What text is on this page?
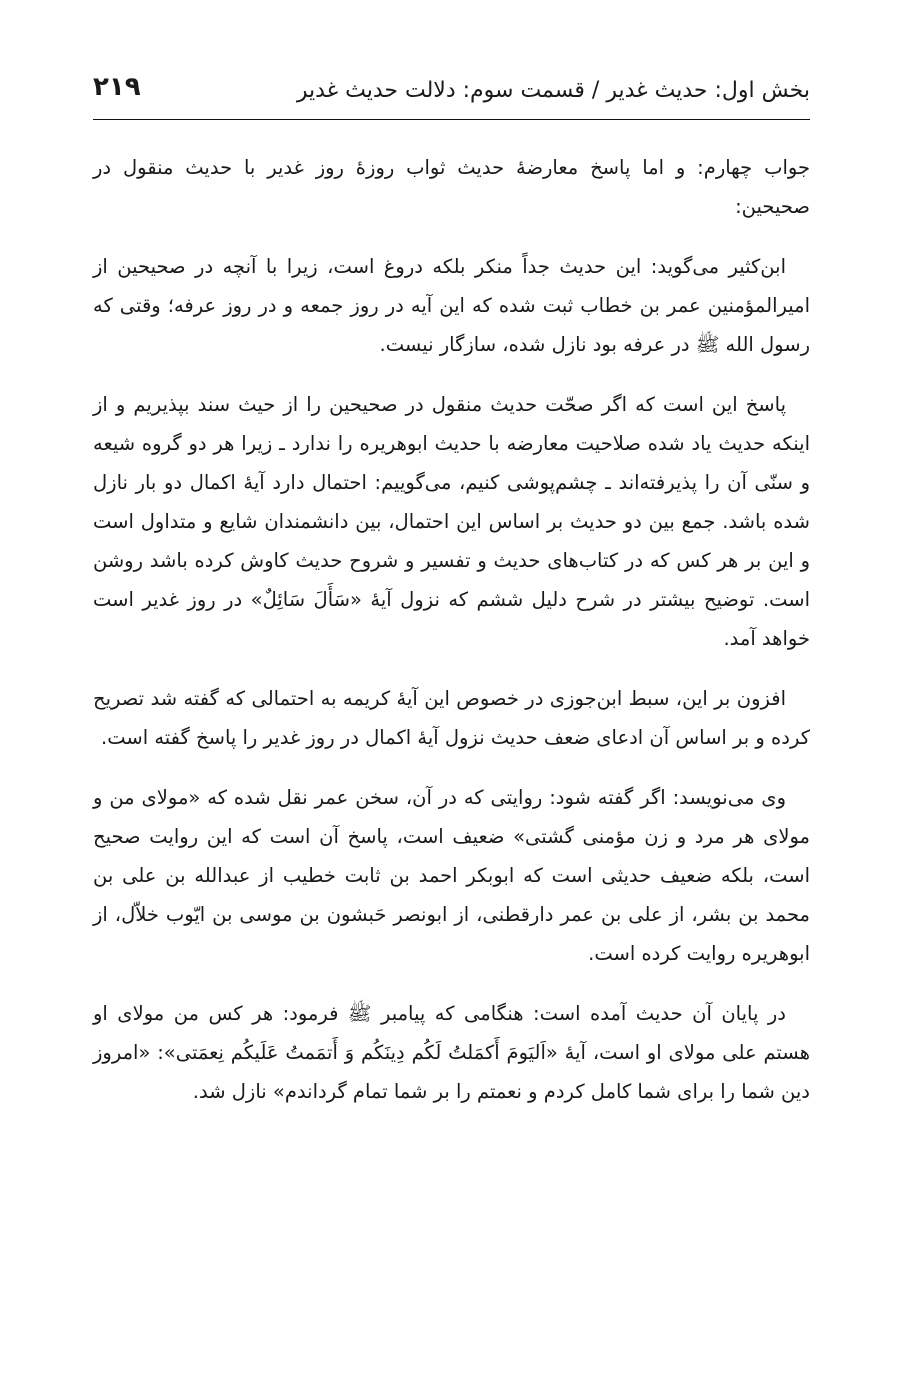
بخش اول: حدیث غدیر / قسمت سوم: دلالت حدیث غدیر
۲۱۹

جواب چهارم: و اما پاسخ معارضۀ حدیث ثواب روزۀ روز غدیر با حدیث منقول در صحیحین:

ابن‌کثیر می‌گوید: این حدیث جداً منکر بلکه دروغ است، زیرا با آنچه در صحیحین از امیرالمؤمنین عمر بن خطاب ثبت شده که این آیه در روز جمعه و در روز عرفه؛ وقتی که رسول الله ﷺ در عرفه بود نازل شده، سازگار نیست.

پاسخ این است که اگر صحّت حدیث منقول در صحیحین را از حیث سند بپذیریم و از اینکه حدیث یاد شده صلاحیت معارضه با حدیث ابوهریره را ندارد ـ زیرا هر دو گروه شیعه و سنّی آن را پذیرفته‌اند ـ چشم‌پوشی کنیم، می‌گوییم: احتمال دارد آیۀ اکمال دو بار نازل شده باشد. جمع بین دو حدیث بر اساس این احتمال، بین دانشمندان شایع و متداول است و این بر هر کس که در کتاب‌های حدیث و تفسیر و شروح حدیث کاوش کرده باشد روشن است. توضیح بیشتر در شرح دلیل ششم که نزول آیۀ «سَأَلَ سَائِلٌ» در روز غدیر است خواهد آمد.

افزون بر این، سبط ابن‌جوزی در خصوص این آیۀ کریمه به احتمالی که گفته شد تصریح کرده و بر اساس آن ادعای ضعف حدیث نزول آیۀ اکمال در روز غدیر را پاسخ گفته است.

وی می‌نویسد: اگر گفته شود: روایتی که در آن، سخن عمر نقل شده که «مولای من و مولای هر مرد و زن مؤمنی گشتی» ضعیف است، پاسخ آن است که این روایت صحیح است، بلکه ضعیف حدیثی است که ابوبکر احمد بن ثابت خطیب از عبدالله بن علی بن محمد بن بشر، از علی بن عمر دارقطنی، از ابونصر حَبشون بن موسی بن ایّوب خلاّل، از ابوهریره روایت کرده است.

در پایان آن حدیث آمده است: هنگامی که پیامبر ﷺ فرمود: هر کس من مولای او هستم علی مولای او است، آیۀ «اَلیَومَ أَکمَلتُ لَکُم دِینَکُم وَ أَتمَمتُ عَلَیکُم نِعمَتی»: «امروز دین شما را برای شما کامل کردم و نعمتم را بر شما تمام گرداندم» نازل شد.
